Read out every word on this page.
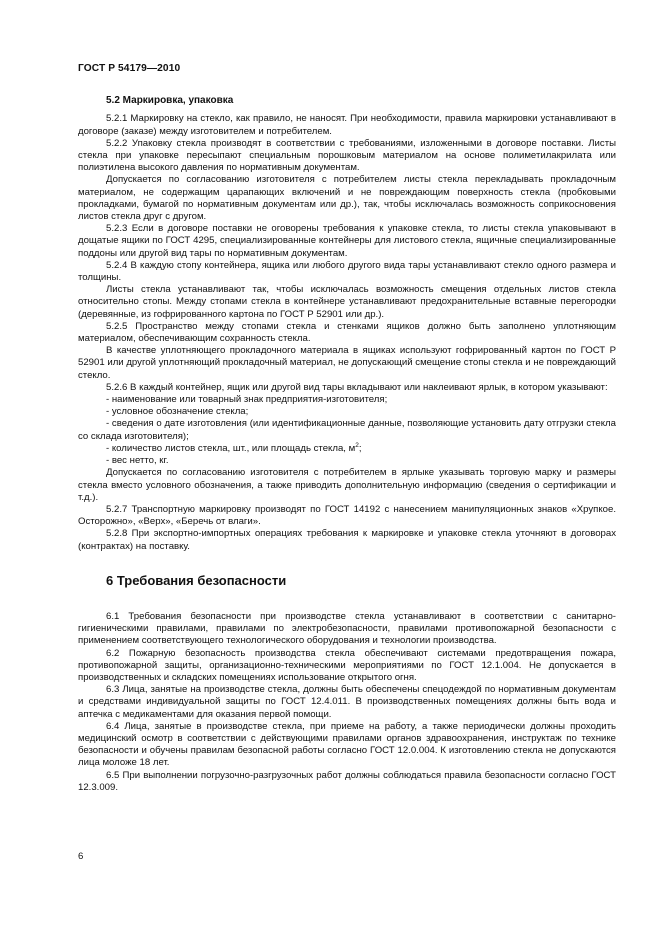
ГОСТ Р 54179—2010
5.2 Маркировка, упаковка

5.2.1 Маркировку на стекло, как правило, не наносят. При необходимости, правила маркировки устанавливают в договоре (заказе) между изготовителем и потребителем.

5.2.2 Упаковку стекла производят в соответствии с требованиями, изложенными в договоре поставки. Листы стекла при упаковке пересыпают специальным порошковым материалом на основе полиметилакрилата или полиэтилена высокого давления по нормативным документам.

Допускается по согласованию изготовителя с потребителем листы стекла перекладывать прокладочным материалом, не содержащим царапающих включений и не повреждающим поверхность стекла (пробковыми прокладками, бумагой по нормативным документам или др.), так, чтобы исключалась возможность соприкосновения листов стекла друг с другом.

5.2.3 Если в договоре поставки не оговорены требования к упаковке стекла, то листы стекла упаковывают в дощатые ящики по ГОСТ 4295, специализированные контейнеры для листового стекла, ящичные специализированные поддоны или другой вид тары по нормативным документам.

5.2.4 В каждую стопу контейнера, ящика или любого другого вида тары устанавливают стекло одного размера и толщины.

Листы стекла устанавливают так, чтобы исключалась возможность смещения отдельных листов стекла относительно стопы. Между стопами стекла в контейнере устанавливают предохранительные вставные перегородки (деревянные, из гофрированного картона по ГОСТ Р 52901 или др.).

5.2.5 Пространство между стопами стекла и стенками ящиков должно быть заполнено уплотняющим материалом, обеспечивающим сохранность стекла.

В качестве уплотняющего прокладочного материала в ящиках используют гофрированный картон по ГОСТ Р 52901 или другой уплотняющий прокладочный материал, не допускающий смещение стопы стекла и не повреждающий стекло.

5.2.6 В каждый контейнер, ящик или другой вид тары вкладывают или наклеивают ярлык, в котором указывают:

- наименование или товарный знак предприятия-изготовителя;

- условное обозначение стекла;

- сведения о дате изготовления (или идентификационные данные, позволяющие установить дату отгрузки стекла со склада изготовителя);

- количество листов стекла, шт., или площадь стекла, $м^2$;

- вес нетто, кг.

Допускается по согласованию изготовителя с потребителем в ярлыке указывать торговую марку и размеры стекла вместо условного обозначения, а также приводить дополнительную информацию (сведения о сертификации и т.д.).

5.2.7 Транспортную маркировку производят по ГОСТ 14192 с нанесением манипуляционных знаков «Хрупкое. Осторожно», «Верх», «Беречь от влаги».

5.2.8 При экспортно-импортных операциях требования к маркировке и упаковке стекла уточняют в договорах (контрактах) на поставку.

6 Требования безопасности

6.1 Требования безопасности при производстве стекла устанавливают в соответствии с санитарно-гигиеническими правилами, правилами по электробезопасности, правилами противопожарной безопасности с применением соответствующего технологического оборудования и технологии производства.

6.2 Пожарную безопасность производства стекла обеспечивают системами предотвращения пожара, противопожарной защиты, организационно-техническими мероприятиями по ГОСТ 12.1.004. Не допускается в производственных и складских помещениях использование открытого огня.

6.3 Лица, занятые на производстве стекла, должны быть обеспечены спецодеждой по нормативным документам и средствами индивидуальной защиты по ГОСТ 12.4.011. В производственных помещениях должны быть вода и аптечка с медикаментами для оказания первой помощи.

6.4 Лица, занятые в производстве стекла, при приеме на работу, а также периодически должны проходить медицинский осмотр в соответствии с действующими правилами органов здравоохранения, инструктаж по технике безопасности и обучены правилам безопасной работы согласно ГОСТ 12.0.004. К изготовлению стекла не допускаются лица моложе 18 лет.

6.5 При выполнении погрузочно-разгрузочных работ должны соблюдаться правила безопасности согласно ГОСТ 12.3.009.

6
